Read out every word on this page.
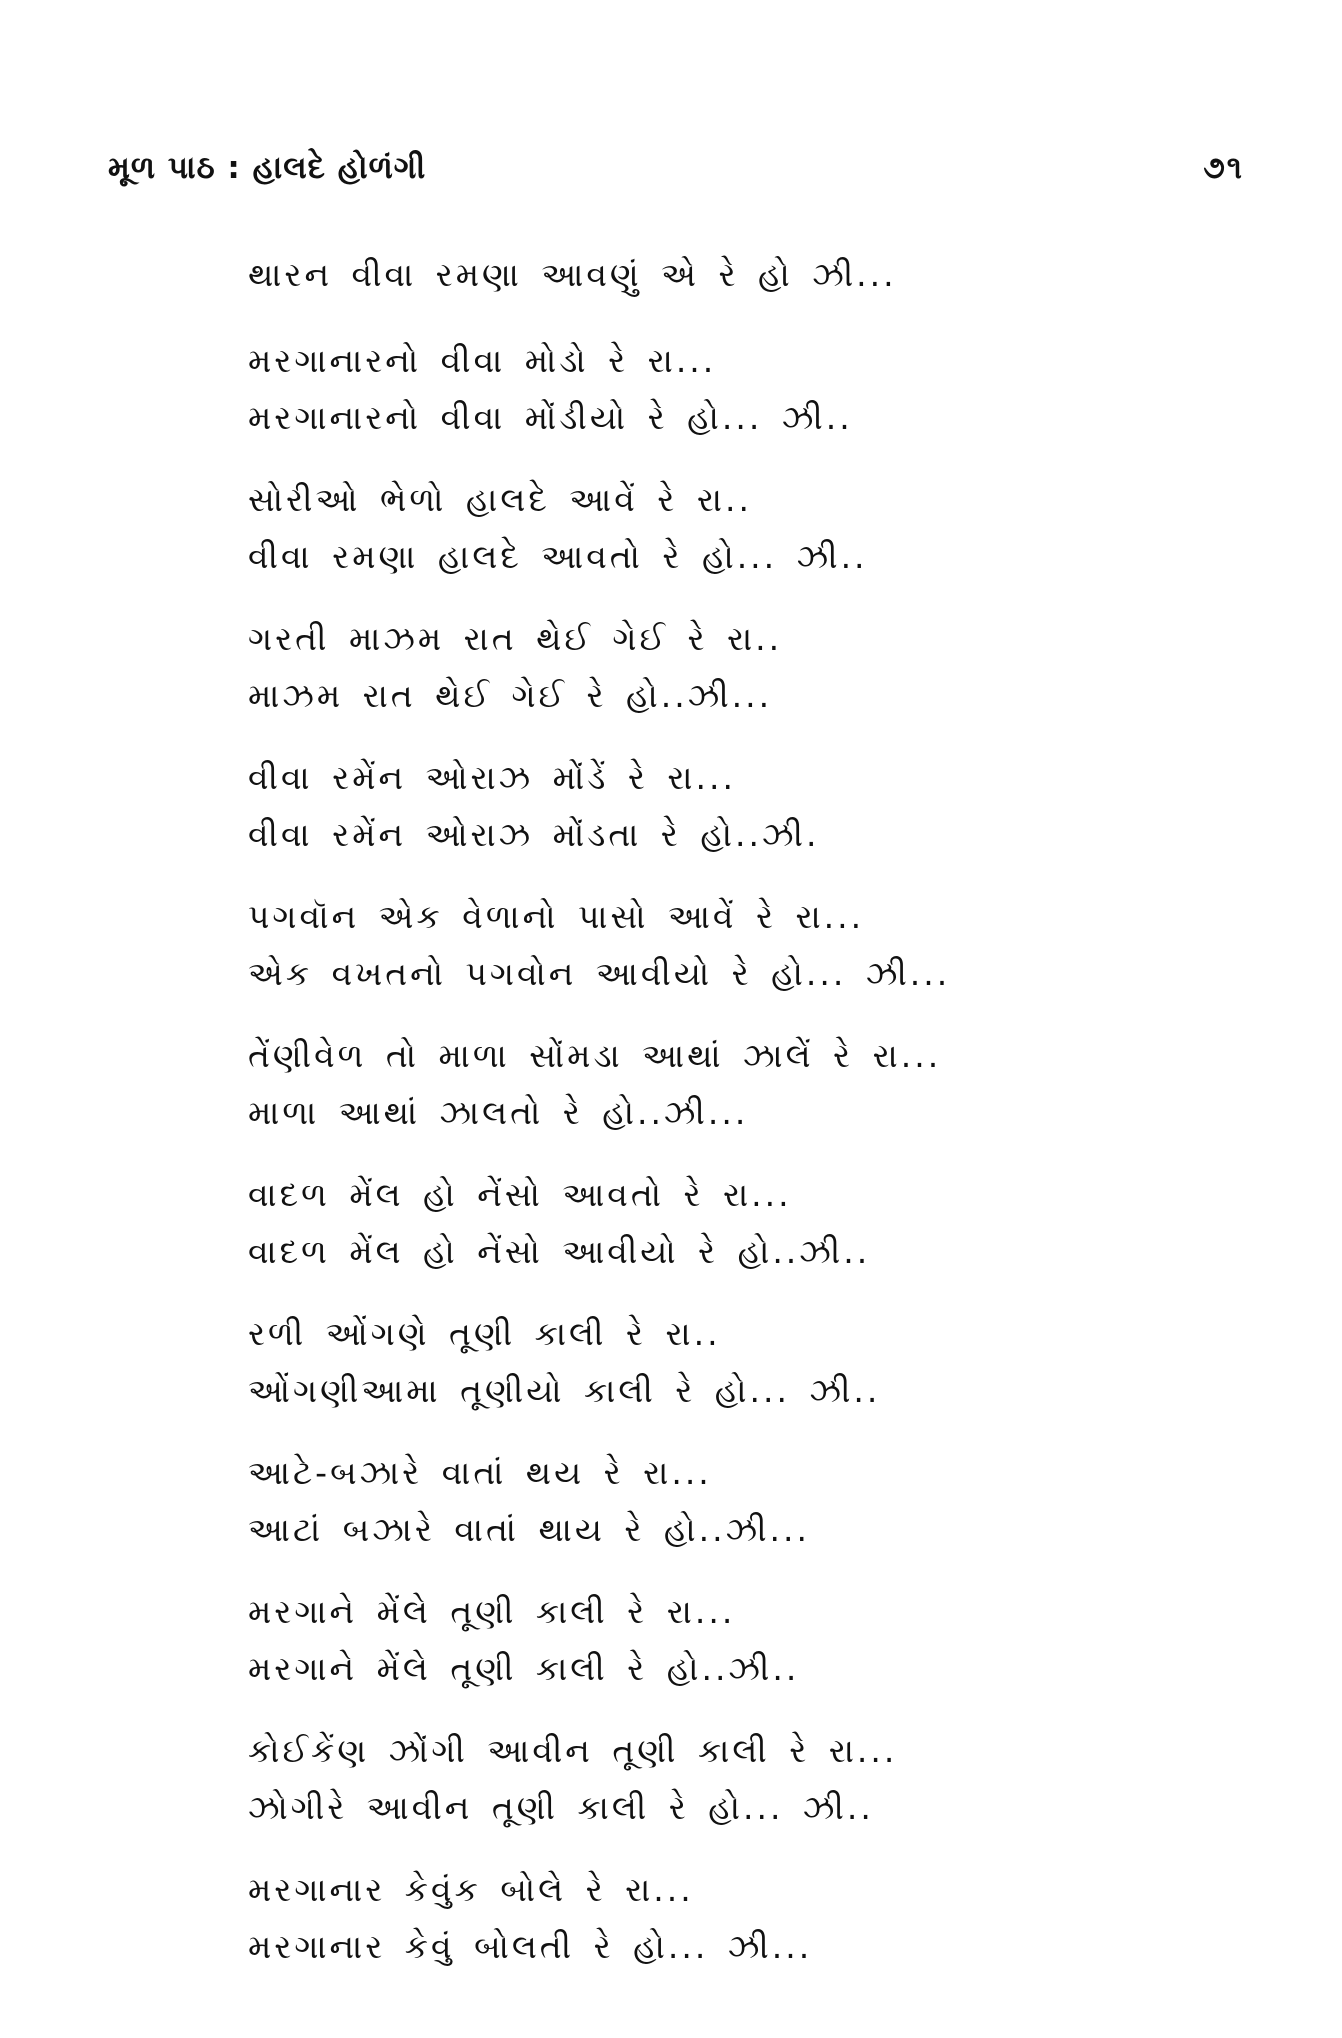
મૂળ પાઠ : હાલદે હોળંગી	૭૧
થારન વીવા રમણા આવણું એ રે હો ઝી...
મરગાનારનો વીવા મોડો રે રા...
મરગાનારનો વીવા મોંડીયો રે હો... ઝી..
સોરીઓ ભેળો હાલદે આવેં રે રા..
વીવા રમણા હાલદે આવતો રે હો... ઝી..
ગરતી માઝમ રાત થેઈ ગેઈ રે રા..
માઝમ રાત થેઈ ગેઈ રે હો..ઝી...
વીવા રમેંન ઓરાઝ મોંડેં રે રા...
વીવા રમેંન ઓરાઝ મોંડતા રે હો..ઝી.
પગવૉન એક વેળાનો પાસો આવેં રે રા...
એક વખતનો પગવોન આવીયો રે હો... ઝી...
તેંણીવેળ તો માળા સોંમડા આથાં ઝાલેં રે રા...
માળા આથાં ઝાલતો રે હો..ઝી...
વાદળ મેંલ હો નેંસો આવતો રે રા...
વાદળ મેંલ હો નેંસો આવીયો રે હો..ઝી..
રળી ઓંગણે તૂણી કાલી રે રા..
ઓંગણીઆમા તૂણીયો કાલી રે હો... ઝી..
આટે-બઝારે વાતાં થય રે રા...
આટાં બઝારે વાતાં થાય રે હો..ઝી...
મરગાને મેંલે તૂણી કાલી રે રા...
મરગાને મેંલે તૂણી કાલી રે હો..ઝી..
કોઈકેંણ ઝોંગી આવીન તૂણી કાલી રે રા...
ઝોગીરે આવીન તૂણી કાલી રે હો... ઝી..
મરગાનાર કેવુંક બોલે રે રા...
મરગાનાર કેવું બોલતી રે હો... ઝી...
